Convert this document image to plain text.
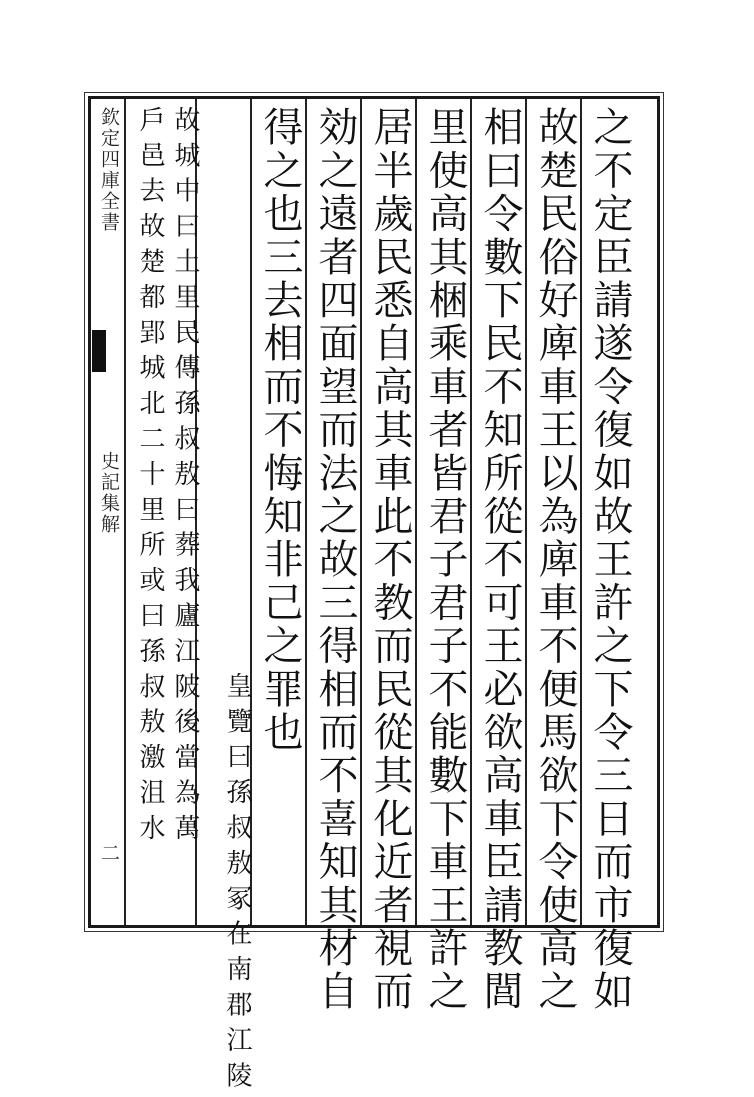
欽定四庫全書
史記集解
二	之不定臣請遂令復如故王許之下令三日而市復如
故楚民俗好庳車王以為庳車不便馬欲下令使高之
相曰令數下民不知所從不可王必欲高車臣請教閭
里使高其梱乘車者皆君子君子不能數下車王許之
居半歲民悉自高其車此不教而民從其化近者視而
効之遠者四面望而法之故三得相而不喜知其材自
得之也三去相而不悔知非己之罪也
皇覽曰孫叔敖冢在南郡江陵
故城中曰土里民傳孫叔敖曰葬我廬江陂後當為萬
戶邑去故楚都郢城北二十里所或曰孫叔敖激沮水
